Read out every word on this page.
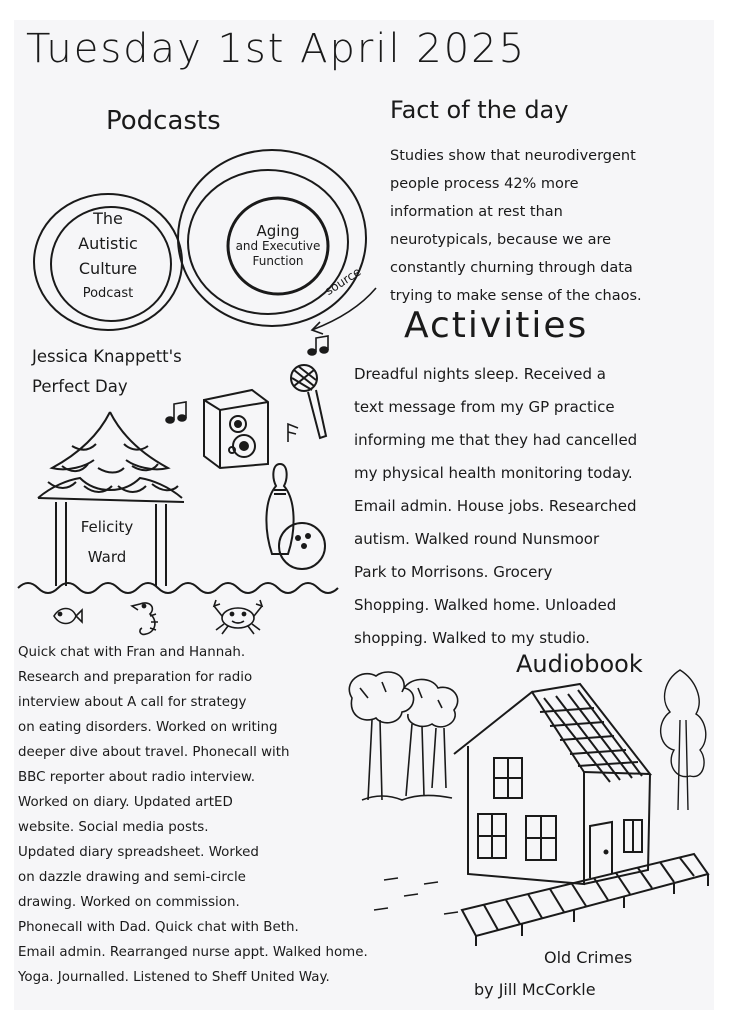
Tuesday 1st April 2025
Podcasts
The
Autistic
Culture
Podcast
Aging
and Executive
Function
source
Fact of the day
Studies show that neurodivergent
people process 42% more
information at rest than
neurotypicals, because we are
constantly churning through data
trying to make sense of the chaos.
Jessica Knappett's
Perfect Day
Felicity
Ward
Quick chat with Fran and Hannah.
Research and preparation for radio
interview about A call for strategy
on eating disorders. Worked on writing
deeper dive about travel. Phonecall with
BBC reporter about radio interview.
Worked on diary. Updated artED
website. Social media posts.
Updated diary spreadsheet. Worked
on dazzle drawing and semi-circle
drawing. Worked on commission.
Phonecall with Dad. Quick chat with Beth.
Email admin. Rearranged nurse appt. Walked home.
Yoga. Journalled. Listened to Sheff United Way.
Activities
Dreadful nights sleep. Received a
text message from my GP practice
informing me that they had cancelled
my physical health monitoring today.
Email admin. House jobs. Researched
autism. Walked round Nunsmoor
Park to Morrisons. Grocery
Shopping. Walked home. Unloaded
shopping. Walked to my studio.
Audiobook
Old Crimes
by Jill McCorkle
